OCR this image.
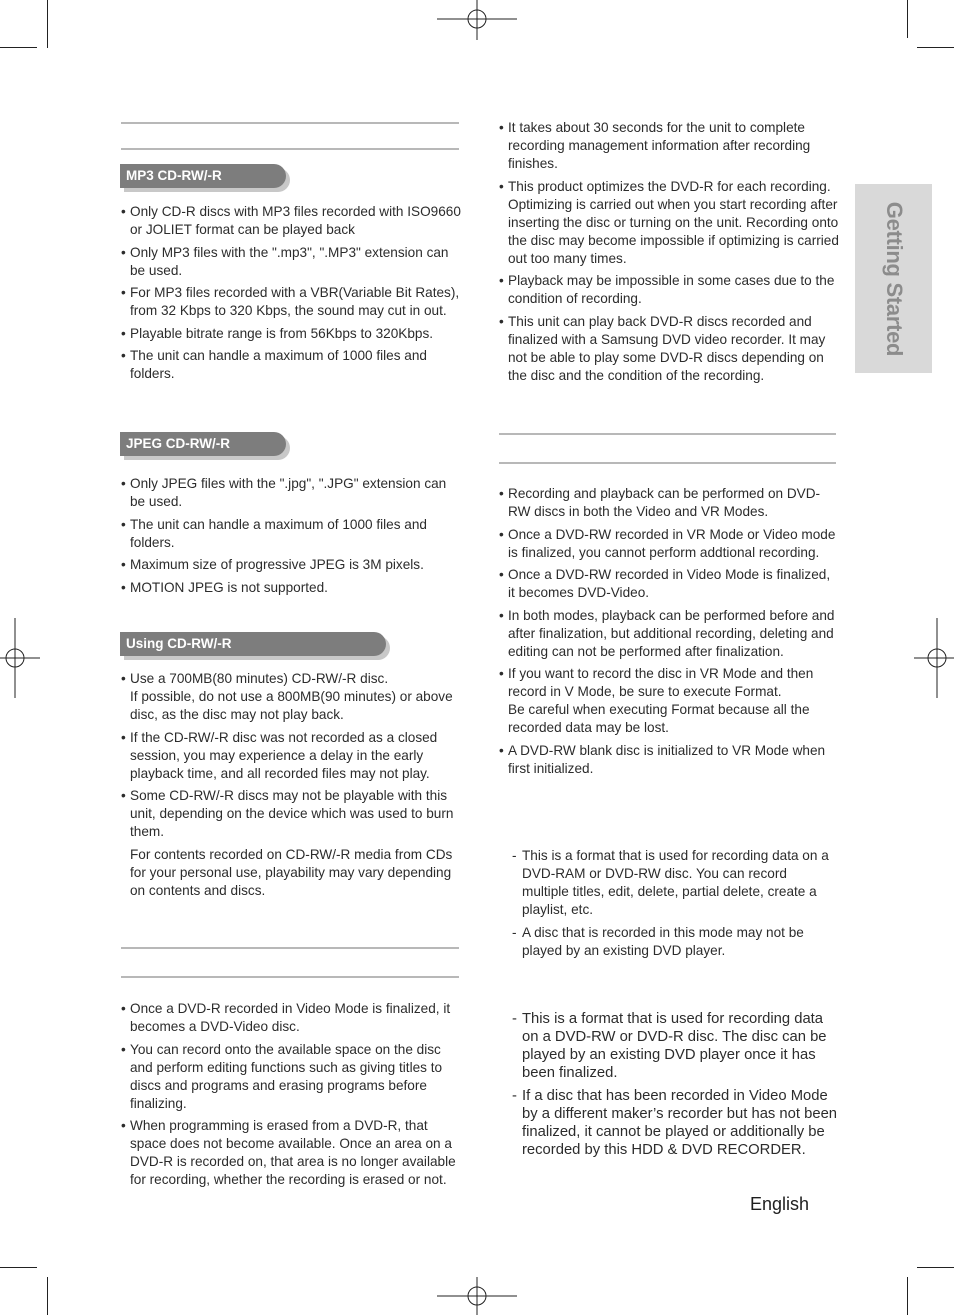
Getting Started
MP3 CD-RW/-R
• Only CD-R discs with MP3 files recorded with ISO9660 or JOLIET format can be played back
• Only MP3 files with the ".mp3", ".MP3" extension can be used.
• For MP3 files recorded with a VBR(Variable Bit Rates), from 32 Kbps to 320 Kbps, the sound may cut in out.
• Playable bitrate range is from 56Kbps to 320Kbps.
• The unit can handle a maximum of 1000 files and folders.
JPEG CD-RW/-R
• Only JPEG files with the ".jpg", ".JPG" extension can be used.
• The unit can handle a maximum of 1000 files and folders.
• Maximum size of progressive JPEG is 3M pixels.
• MOTION JPEG is not supported.
Using CD-RW/-R
• Use a 700MB(80 minutes) CD-RW/-R disc.
If possible, do not use a 800MB(90 minutes) or above disc, as the disc may not play back.
• If the CD-RW/-R disc was not recorded as a closed session, you may experience a delay in the early playback time, and all recorded files may not play.
• Some CD-RW/-R discs may not be playable with this unit, depending on the device which was used to burn them.
For contents recorded on CD-RW/-R media from CDs for your personal use, playability may vary depending on contents and discs.
• Once a DVD-R recorded in Video Mode is finalized, it becomes a DVD-Video disc.
• You can record onto the available space on the disc and perform editing functions such as giving titles to discs and programs and erasing programs before finalizing.
• When programming is erased from a DVD-R, that space does not become available. Once an area on a DVD-R is recorded on, that area is no longer available for recording, whether the recording is erased or not.
• It takes about 30 seconds for the unit to complete recording management information after recording finishes.
• This product optimizes the DVD-R for each recording. Optimizing is carried out when you start recording after inserting the disc or turning on the unit. Recording onto the disc may become impossible if optimizing is carried out too many times.
• Playback may be impossible in some cases due to the condition of recording.
• This unit can play back DVD-R discs recorded and finalized with a Samsung DVD video recorder. It may not be able to play some DVD-R discs depending on the disc and the condition of the recording.
• Recording and playback can be performed on DVD-RW discs in both the Video and VR Modes.
• Once a DVD-RW recorded in VR Mode or Video mode is finalized, you cannot perform addtional recording.
• Once a DVD-RW recorded in Video Mode is finalized, it becomes DVD-Video.
• In both modes, playback can be performed before and after finalization, but additional recording, deleting and editing can not be performed after finalization.
• If you want to record the disc in VR Mode and then record in V Mode, be sure to execute Format.
Be careful when executing Format because all the recorded data may be lost.
• A DVD-RW blank disc is initialized to VR Mode when first initialized.
- This is a format that is used for recording data on a DVD-RAM or DVD-RW disc. You can record multiple titles, edit, delete, partial delete, create a playlist, etc.
- A disc that is recorded in this mode may not be played by an existing DVD player.
- This is a format that is used for recording data on a DVD-RW or DVD-R disc. The disc can be played by an existing DVD player once it has been finalized.
- If a disc that has been recorded in Video Mode by a different maker’s recorder but has not been finalized, it cannot be played or additionally be recorded by this HDD & DVD RECORDER.
English
